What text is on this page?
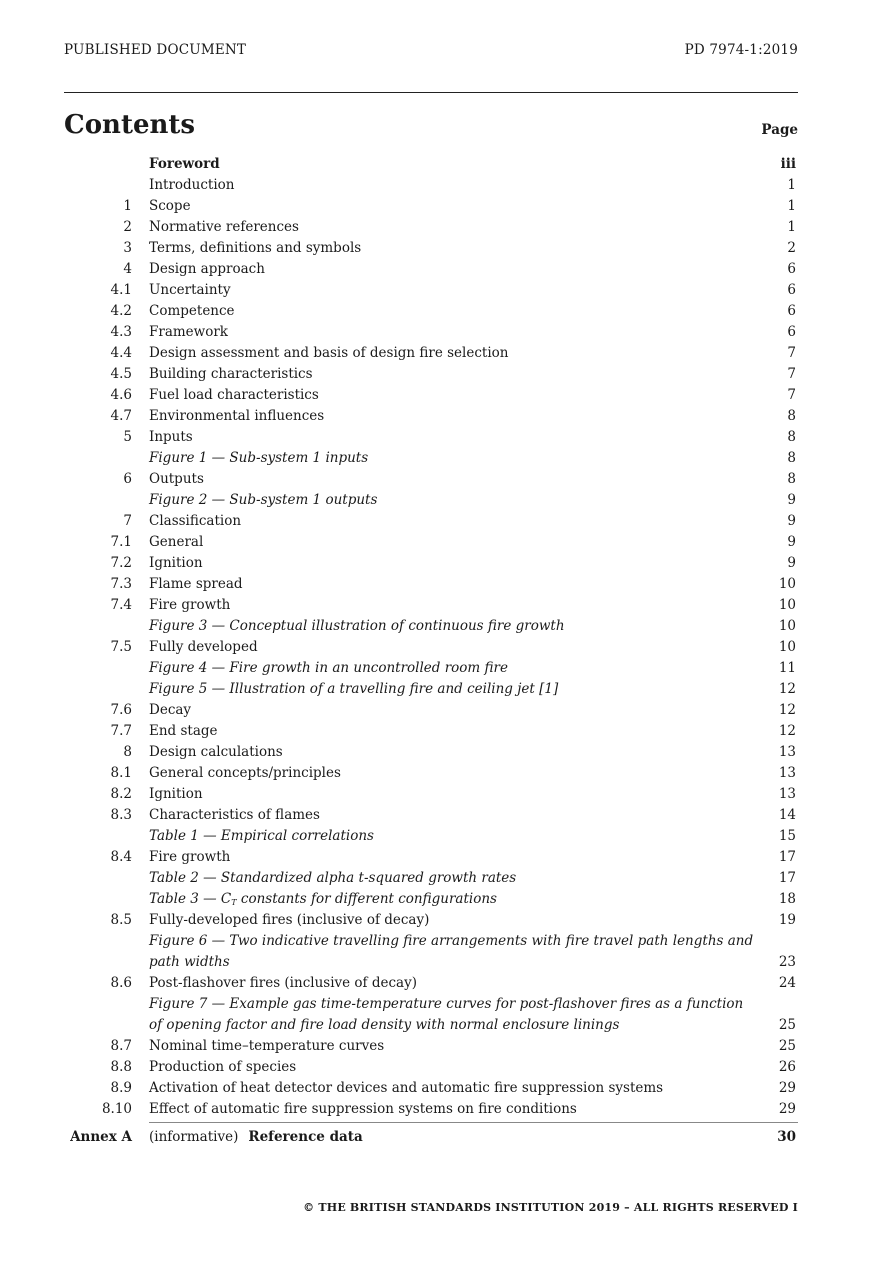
PUBLISHED DOCUMENT	PD 7974-1:2019
Contents	Page
Foreword	iii
Introduction	1
1 Scope	1
2 Normative references	1
3 Terms, definitions and symbols	2
4 Design approach	6
4.1 Uncertainty	6
4.2 Competence	6
4.3 Framework	6
4.4 Design assessment and basis of design fire selection	7
4.5 Building characteristics	7
4.6 Fuel load characteristics	7
4.7 Environmental influences	8
5 Inputs	8
Figure 1 — Sub-system 1 inputs	8
6 Outputs	8
Figure 2 — Sub-system 1 outputs	9
7 Classification	9
7.1 General	9
7.2 Ignition	9
7.3 Flame spread	10
7.4 Fire growth	10
Figure 3 — Conceptual illustration of continuous fire growth	10
7.5 Fully developed	10
Figure 4 — Fire growth in an uncontrolled room fire	11
Figure 5 — Illustration of a travelling fire and ceiling jet [1]	12
7.6 Decay	12
7.7 End stage	12
8 Design calculations	13
8.1 General concepts/principles	13
8.2 Ignition	13
8.3 Characteristics of flames	14
Table 1 — Empirical correlations	15
8.4 Fire growth	17
Table 2 — Standardized alpha t-squared growth rates	17
Table 3 — $C_T$ constants for different configurations	18
8.5 Fully-developed fires (inclusive of decay)	19
Figure 6 — Two indicative travelling fire arrangements with fire travel path lengths and path widths	23
8.6 Post-flashover fires (inclusive of decay)	24
Figure 7 — Example gas time-temperature curves for post-flashover fires as a function of opening factor and fire load density with normal enclosure linings	25
8.7 Nominal time–temperature curves	25
8.8 Production of species	26
8.9 Activation of heat detector devices and automatic fire suppression systems	29
8.10 Effect of automatic fire suppression systems on fire conditions	29
Annex A (informative) Reference data	30
© THE BRITISH STANDARDS INSTITUTION 2019 – ALL RIGHTS RESERVED I
